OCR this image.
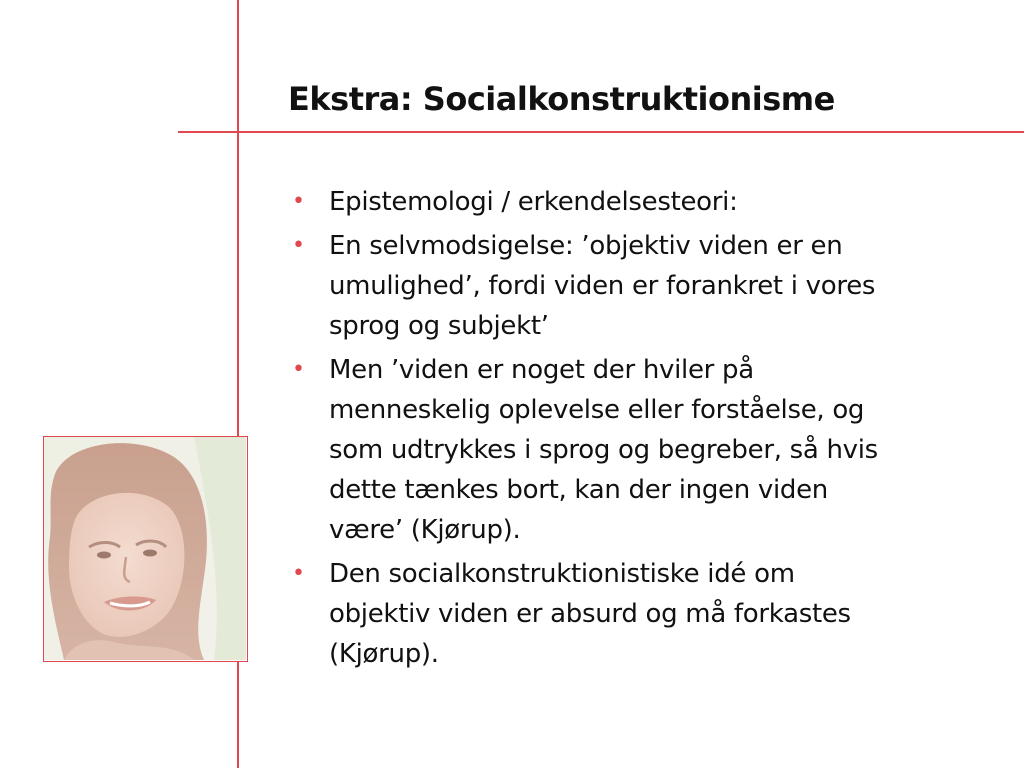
Ekstra: Socialkonstruktionisme
• Epistemologi / erkendelsesteori:
• En selvmodsigelse: ’objektiv viden er en umulighed’, fordi viden er forankret i vores sprog og subjekt’
• Men ’viden er noget der hviler på menneskelig oplevelse eller forståelse, og som udtrykkes i sprog og begreber, så hvis dette tænkes bort, kan der ingen viden være’ (Kjørup).
• Den socialkonstruktionistiske idé om objektiv viden er absurd og må forkastes (Kjørup).
